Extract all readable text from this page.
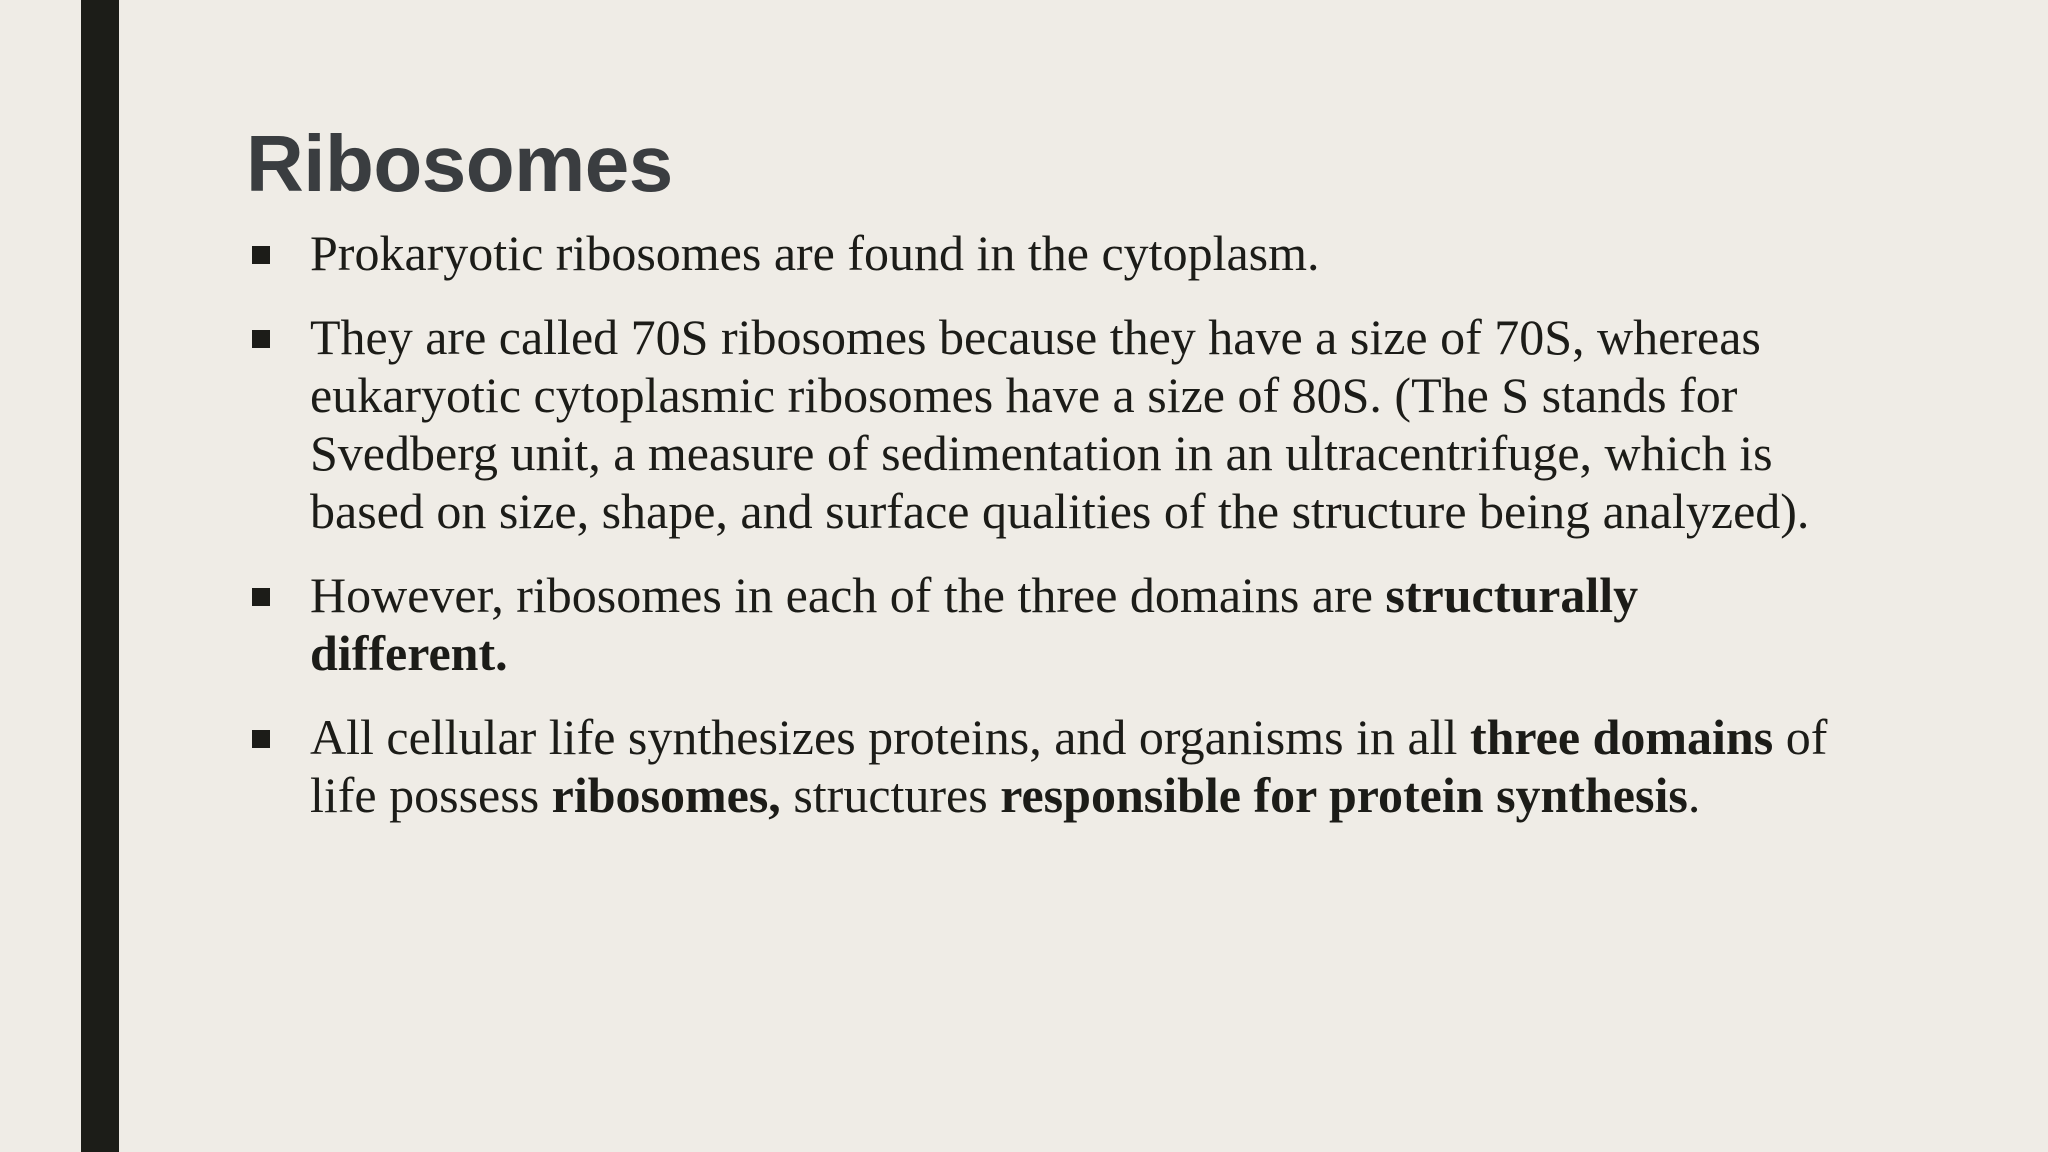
Ribosomes
Prokaryotic ribosomes are found in the cytoplasm.
They are called 70S ribosomes because they have a size of 70S, whereas eukaryotic cytoplasmic ribosomes have a size of 80S. (The S stands for Svedberg unit, a measure of sedimentation in an ultracentrifuge, which is based on size, shape, and surface qualities of the structure being analyzed).
However, ribosomes in each of the three domains are structurally different.
All cellular life synthesizes proteins, and organisms in all three domains of life possess ribosomes, structures responsible for protein synthesis.
